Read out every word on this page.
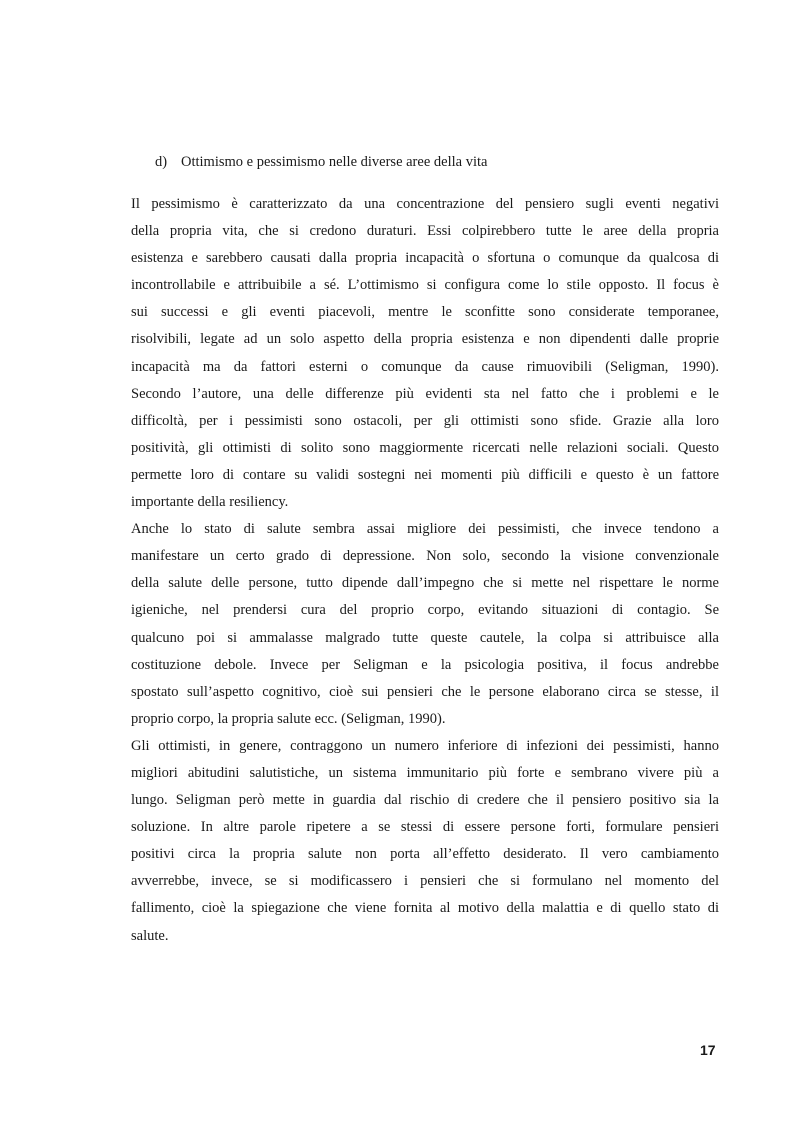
d) Ottimismo e pessimismo nelle diverse aree della vita
Il pessimismo è caratterizzato da una concentrazione del pensiero sugli eventi negativi
della propria vita, che si credono duraturi. Essi colpirebbero tutte le aree della propria
esistenza e sarebbero causati dalla propria incapacità o sfortuna o comunque da qualcosa di
incontrollabile e attribuibile a sé. L’ottimismo si configura come lo stile opposto. Il focus è
sui successi e gli eventi piacevoli, mentre le sconfitte sono considerate temporanee,
risolvibili, legate ad un solo aspetto della propria esistenza e non dipendenti dalle proprie
incapacità ma da fattori esterni o comunque da cause rimuovibili (Seligman, 1990).
Secondo l’autore, una delle differenze più evidenti sta nel fatto che i problemi e le
difficoltà, per i pessimisti sono ostacoli, per gli ottimisti sono sfide. Grazie alla loro
positività, gli ottimisti di solito sono maggiormente ricercati nelle relazioni sociali. Questo
permette loro di contare su validi sostegni nei momenti più difficili e questo è un fattore
importante della resiliency.
Anche lo stato di salute sembra assai migliore dei pessimisti, che invece tendono a
manifestare un certo grado di depressione. Non solo, secondo la visione convenzionale
della salute delle persone, tutto dipende dall’impegno che si mette nel rispettare le norme
igieniche, nel prendersi cura del proprio corpo, evitando situazioni di contagio. Se
qualcuno poi si ammalasse malgrado tutte queste cautele, la colpa si attribuisce alla
costituzione debole. Invece per Seligman e la psicologia positiva, il focus andrebbe
spostato sull’aspetto cognitivo, cioè sui pensieri che le persone elaborano circa se stesse, il
proprio corpo, la propria salute ecc. (Seligman, 1990).
Gli ottimisti, in genere, contraggono un numero inferiore di infezioni dei pessimisti, hanno
migliori abitudini salutistiche, un sistema immunitario più forte e sembrano vivere più a
lungo. Seligman però mette in guardia dal rischio di credere che il pensiero positivo sia la
soluzione. In altre parole ripetere a se stessi di essere persone forti, formulare pensieri
positivi circa la propria salute non porta all’effetto desiderato. Il vero cambiamento
avverrebbe, invece, se si modificassero i pensieri che si formulano nel momento del
fallimento, cioè la spiegazione che viene fornita al motivo della malattia e di quello stato di
salute.
17
